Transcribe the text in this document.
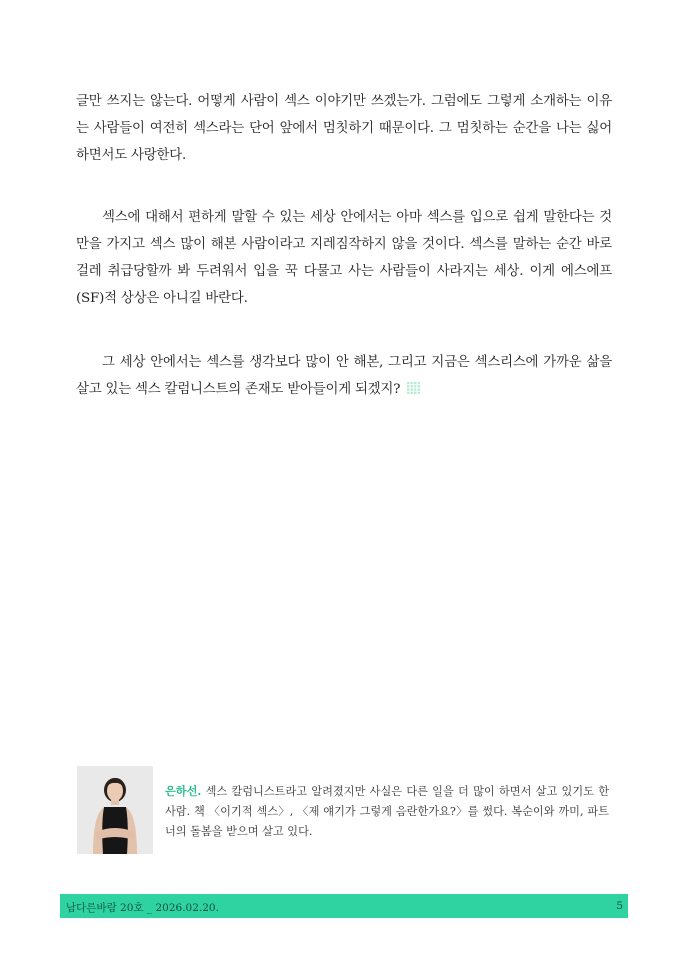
글만 쓰지는 않는다. 어떻게 사람이 섹스 이야기만 쓰겠는가. 그럼에도 그렇게 소개하는 이유는 사람들이 여전히 섹스라는 단어 앞에서 멈칫하기 때문이다. 그 멈칫하는 순간을 나는 싫어하면서도 사랑한다.

섹스에 대해서 편하게 말할 수 있는 세상 안에서는 아마 섹스를 입으로 쉽게 말한다는 것만을 가지고 섹스 많이 해본 사람이라고 지레짐작하지 않을 것이다. 섹스를 말하는 순간 바로 걸레 취급당할까 봐 두려워서 입을 꾹 다물고 사는 사람들이 사라지는 세상. 이게 에스에프(SF)적 상상은 아니길 바란다.

그 세상 안에서는 섹스를 생각보다 많이 안 해본, 그리고 지금은 섹스리스에 가까운 삶을 살고 있는 섹스 칼럼니스트의 존재도 받아들이게 되겠지?

은하선. 섹스 칼럼니스트라고 알려졌지만 사실은 다른 일을 더 많이 하면서 살고 있기도 한 사람. 책 〈이기적 섹스〉, 〈제 얘기가 그렇게 음란한가요?〉를 썼다. 복순이와 까미, 파트너의 돌봄을 받으며 살고 있다.

남다른바람 20호 _ 2026.02.20.	5
